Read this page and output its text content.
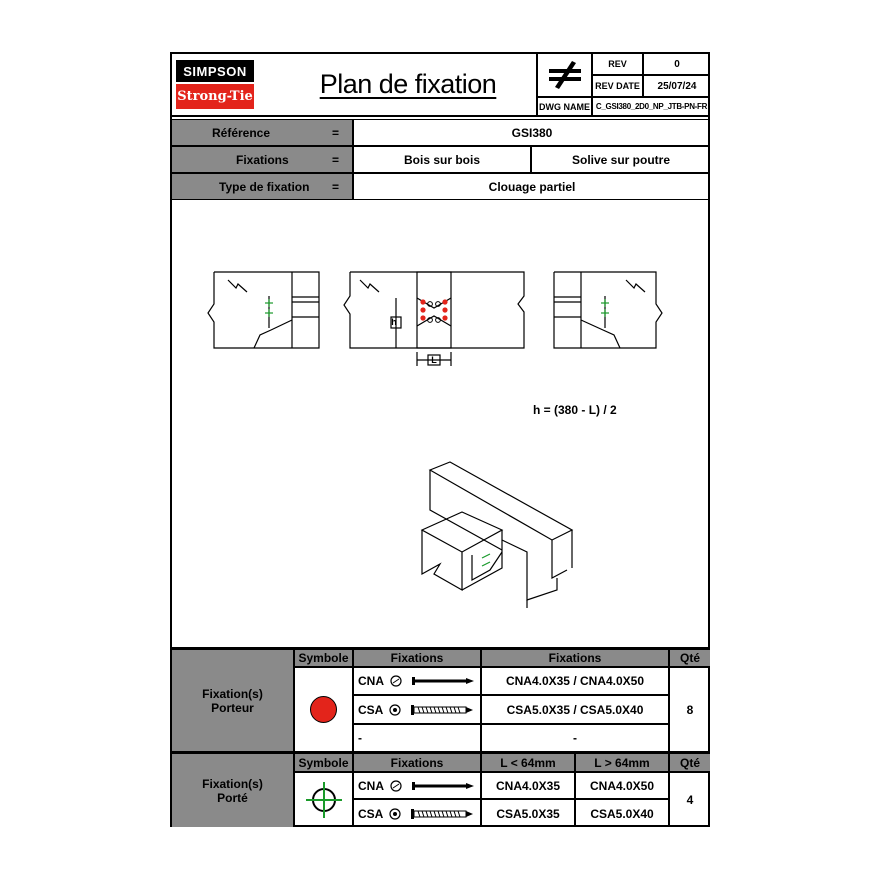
SIMPSON
Strong-Tie	Plan de fixation
DWG NAME
REV	0
REV DATE	25/07/24
C_GSI380_2D0_NP_JTB-PN-FR
Référence	=	GSI380
Fixations	=	Bois sur bois	Solive sur poutre
Type de fixation =	Clouage partiel
h
L
h = (380 - L) / 2
Fixation(s)
Porteur
Symbole	Fixations	Fixations	Qté
CNA	CNA4.0X35 / CNA4.0X50
CSA	CSA5.0X35 / CSA5.0X40
-	-
8
Fixation(s)
Porté
Symbole	Fixations	L < 64mm	L > 64mm	Qté
CNA	CNA4.0X35	CNA4.0X50
CSA	CSA5.0X35	CSA5.0X40
4
